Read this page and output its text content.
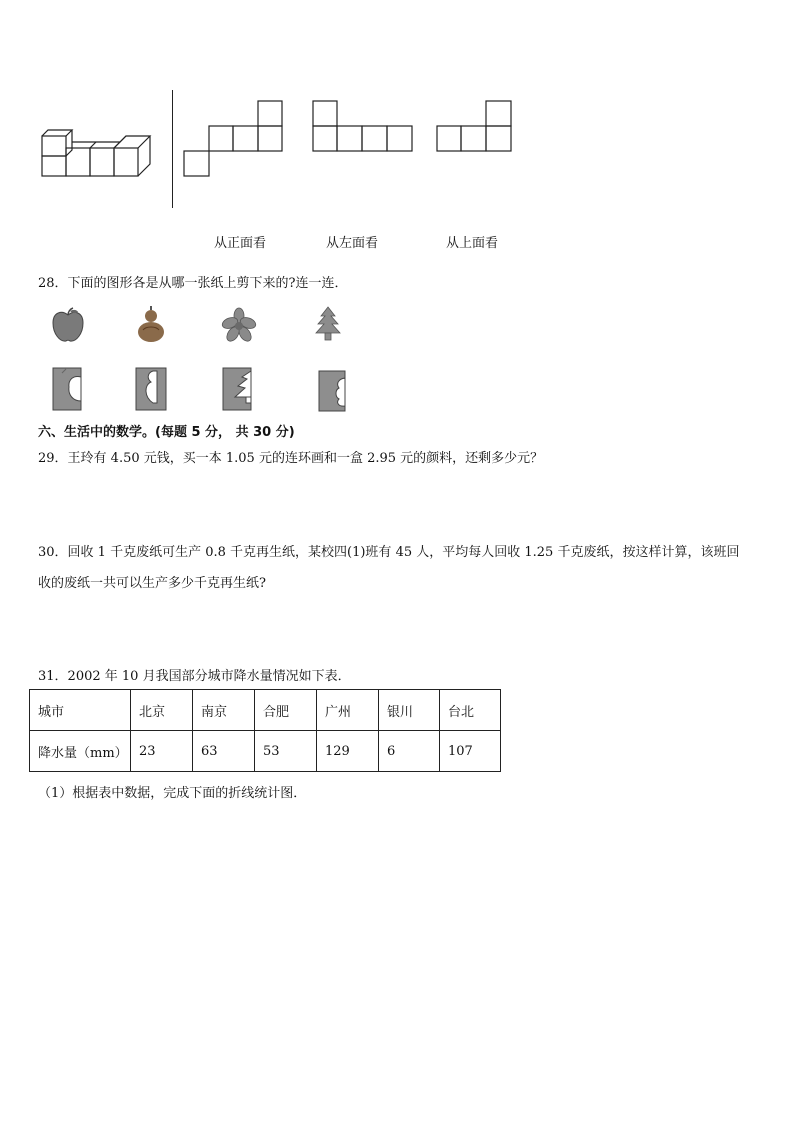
从正面看	从左面看	从上面看
28．下面的图形各是从哪一张纸上剪下来的?连一连．
六、生活中的数学。(每题 5 分， 共 30 分)
29．王玲有 4.50 元钱，买一本 1.05 元的连环画和一盒 2.95 元的颜料，还剩多少元？
30．回收 1 千克废纸可生产 0.8 千克再生纸，某校四(1)班有 45 人，平均每人回收 1.25 千克废纸，按这样计算，该班回
收的废纸一共可以生产多少千克再生纸?
31．2002 年 10 月我国部分城市降水量情况如下表．
城市	北京	南京	合肥	广州	银川	台北
降水量（mm）	23	63	53	129	6	107
（1）根据表中数据，完成下面的折线统计图．
